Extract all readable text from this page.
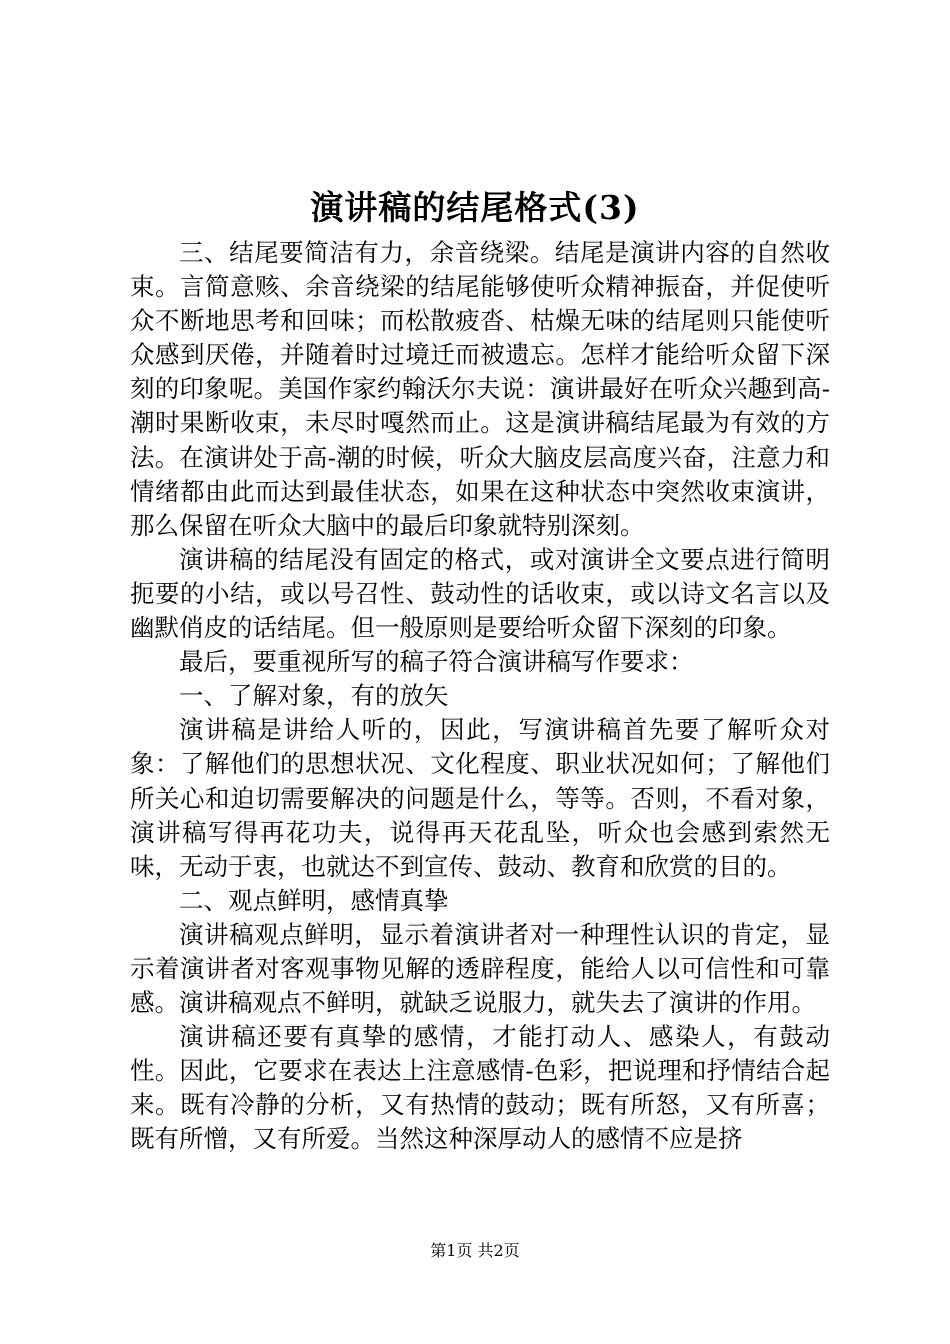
演讲稿的结尾格式(3)

三、结尾要简洁有力，余音绕梁。结尾是演讲内容的自然收束。言简意赅、余音绕梁的结尾能够使听众精神振奋，并促使听众不断地思考和回味；而松散疲沓、枯燥无味的结尾则只能使听众感到厌倦，并随着时过境迁而被遗忘。怎样才能给听众留下深刻的印象呢。美国作家约翰沃尔夫说：演讲最好在听众兴趣到高-潮时果断收束，未尽时嘎然而止。这是演讲稿结尾最为有效的方法。在演讲处于高-潮的时候，听众大脑皮层高度兴奋，注意力和情绪都由此而达到最佳状态，如果在这种状态中突然收束演讲，那么保留在听众大脑中的最后印象就特别深刻。

演讲稿的结尾没有固定的格式，或对演讲全文要点进行简明扼要的小结，或以号召性、鼓动性的话收束，或以诗文名言以及幽默俏皮的话结尾。但一般原则是要给听众留下深刻的印象。

最后，要重视所写的稿子符合演讲稿写作要求：

一、了解对象，有的放矢

演讲稿是讲给人听的，因此，写演讲稿首先要了解听众对象：了解他们的思想状况、文化程度、职业状况如何；了解他们所关心和迫切需要解决的问题是什么，等等。否则，不看对象，演讲稿写得再花功夫，说得再天花乱坠，听众也会感到索然无味，无动于衷，也就达不到宣传、鼓动、教育和欣赏的目的。

二、观点鲜明，感情真挚

演讲稿观点鲜明，显示着演讲者对一种理性认识的肯定，显示着演讲者对客观事物见解的透辟程度，能给人以可信性和可靠感。演讲稿观点不鲜明，就缺乏说服力，就失去了演讲的作用。

演讲稿还要有真挚的感情，才能打动人、感染人，有鼓动性。因此，它要求在表达上注意感情-色彩，把说理和抒情结合起来。既有冷静的分析，又有热情的鼓动；既有所怒，又有所喜；既有所憎，又有所爱。当然这种深厚动人的感情不应是挤

第1页 共2页
